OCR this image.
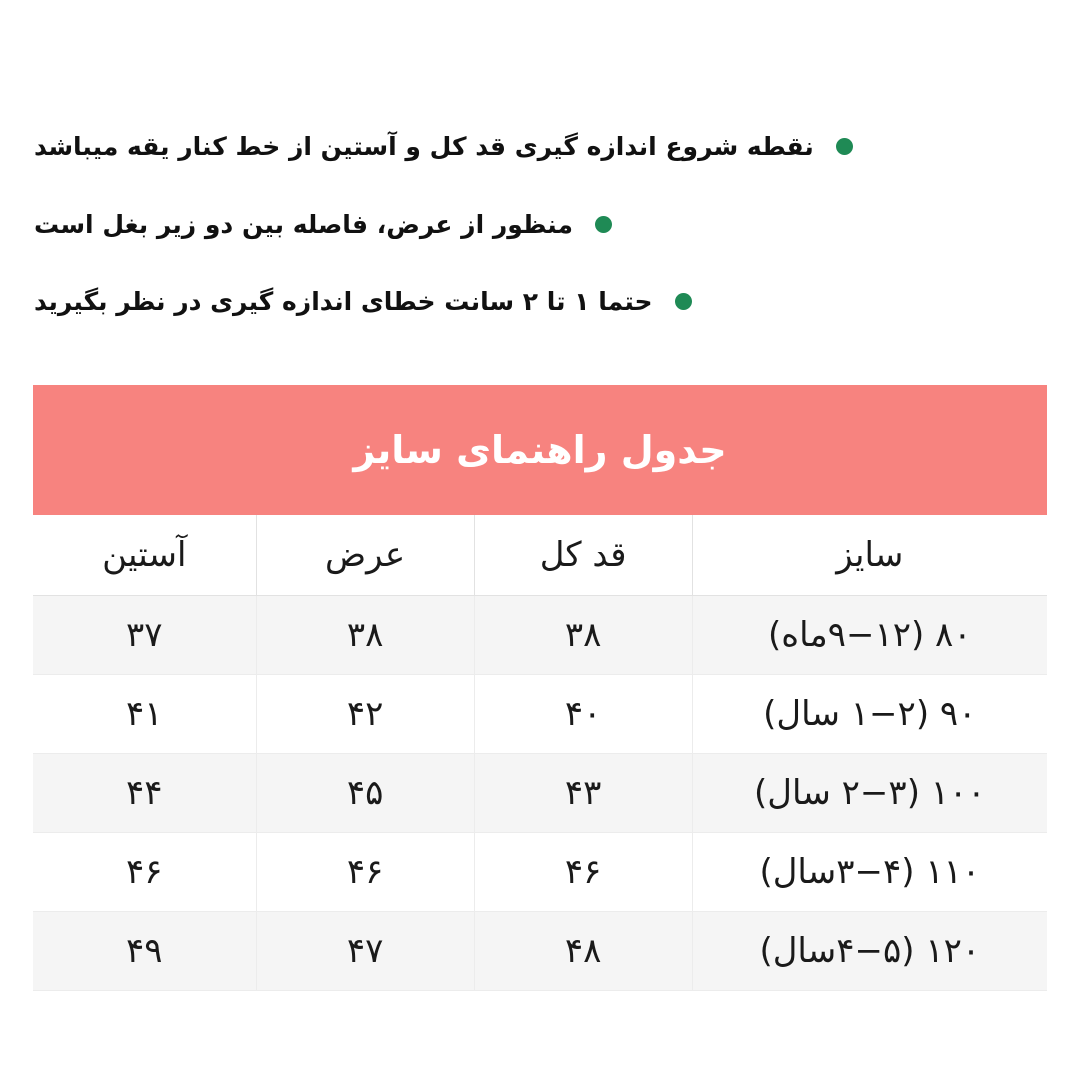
نقطه شروع اندازه گیری قد کل و آستین از خط کنار یقه میباشد
منظور از عرض، فاصله بین دو زیر بغل است
حتما ۱ تا ۲ سانت خطای اندازه گیری در نظر بگیرید
جدول راهنمای سایز
سایز	قد کل	عرض	آستین
۸۰ (۹−۱۲ماه)	۳۸	۳۸	۳۷
۹۰ (۱−۲ سال)	۴۰	۴۲	۴۱
۱۰۰ (۲−۳ سال)	۴۳	۴۵	۴۴
۱۱۰ (۳−۴سال)	۴۶	۴۶	۴۶
۱۲۰ (۴−۵سال)	۴۸	۴۷	۴۹
